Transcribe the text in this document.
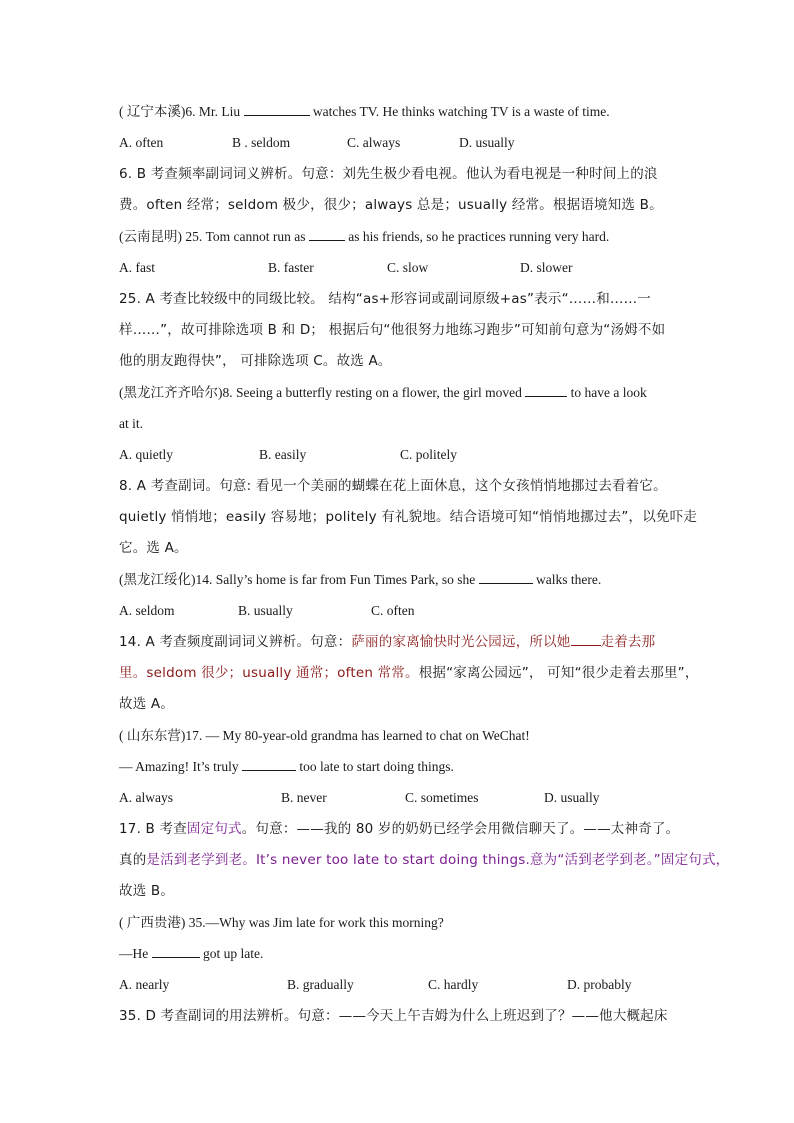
( 辽宁本溪)6. Mr. Liu	watches TV. He thinks watching TV is a waste of time.
A. often	B . seldom	C. always	D. usually
6. B 考查频率副词词义辨析。句意：刘先生极少看电视。他认为看电视是一种时间上的浪
费。often 经常；seldom 极少，很少；always 总是；usually 经常。根据语境知选 B。
(云南昆明) 25. Tom cannot run as	as his friends, so he practices running very hard.
A. fast	B. faster	C. slow	D. slower
25. A 考查比较级中的同级比较。 结构“as+形容词或副词原级+as”表示“……和……一
样……”，故可排除选项 B 和 D； 根据后句“他很努力地练习跑步”可知前句意为“汤姆不如
他的朋友跑得快”， 可排除选项 C。故选 A。
(黑龙江齐齐哈尔)8. Seeing a butterfly resting on a flower, the girl moved	to have a look
at it.
A. quietly	B. easily	C. politely
8. A 考查副词。句意: 看见一个美丽的蝴蝶在花上面休息，这个女孩悄悄地挪过去看着它。
quietly 悄悄地；easily 容易地；politely 有礼貌地。结合语境可知“悄悄地挪过去”，以免吓走
它。选 A。
(黑龙江绥化)14. Sally’s home is far from Fun Times Park, so she	walks there.
A. seldom	B. usually	C. often
14. A 考查频度副词词义辨析。句意：萨丽的家离愉快时光公园远，所以她 走着去那
里。seldom 很少；usually 通常；often 常常。根据“家离公园远”， 可知“很少走着去那里”，
故选 A。
( 山东东营)17. — My 80-year-old grandma has learned to chat on WeChat!
— Amazing! It’s truly	too late to start doing things.
A. always	B. never	C. sometimes	D. usually
17. B 考查固定句式。句意：——我的 80 岁的奶奶已经学会用微信聊天了。——太神奇了。
真的是活到老学到老。It’s never too late to start doing things.意为“活到老学到老。”固定句式，
故选 B。
( 广西贵港) 35.—Why was Jim late for work this morning?
—He	got up late.
A. nearly	B. gradually	C. hardly	D. probably
35. D 考查副词的用法辨析。句意：——今天上午吉姆为什么上班迟到了？——他大概起床
